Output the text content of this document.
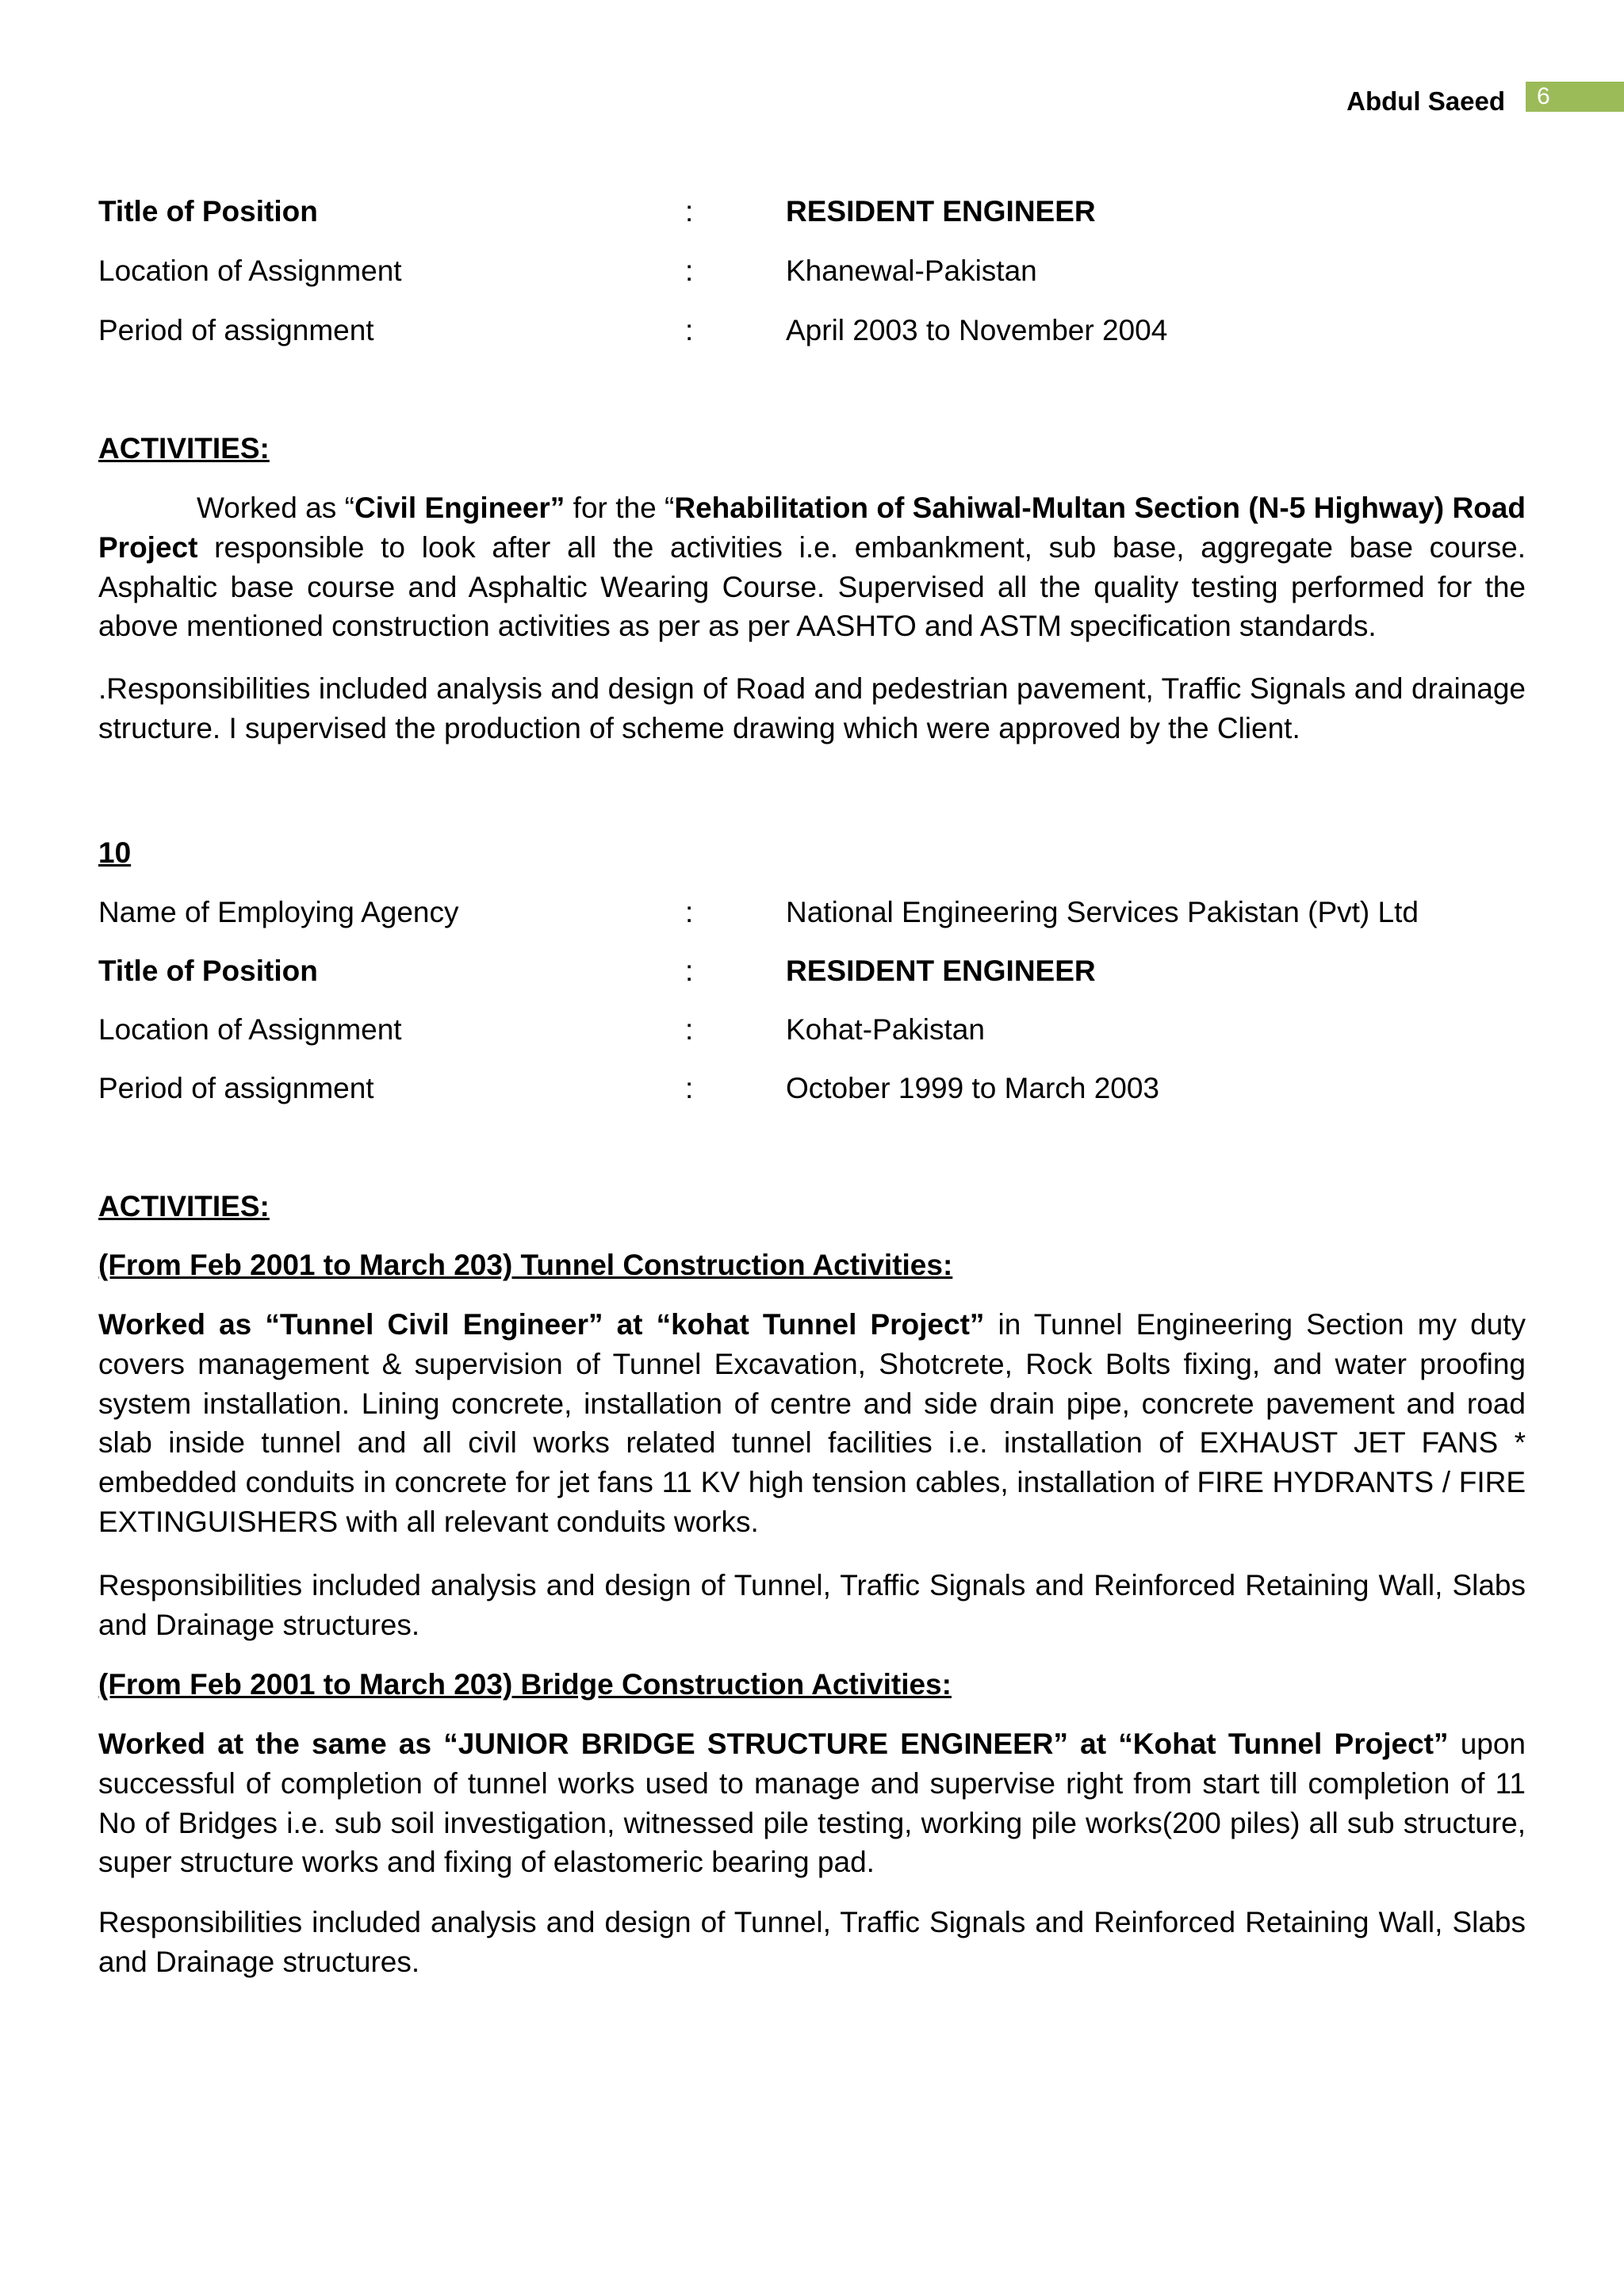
Abdul Saeed	6
Title of Position	:	RESIDENT ENGINEER
Location of Assignment	:	Khanewal-Pakistan
Period of assignment	:	April 2003 to November 2004
ACTIVITIES:

Worked as “Civil Engineer” for the “Rehabilitation of Sahiwal-Multan Section (N-5 Highway) Road Project responsible to look after all the activities i.e. embankment, sub base, aggregate base course. Asphaltic base course and Asphaltic Wearing Course. Supervised all the quality testing performed for the above mentioned construction activities as per as per AASHTO and ASTM specification standards.

.Responsibilities included analysis and design of Road and pedestrian pavement, Traffic Signals and drainage structure. I supervised the production of scheme drawing which were approved by the Client.

10
Name of Employing Agency	:	National Engineering Services Pakistan (Pvt) Ltd
Title of Position	:	RESIDENT ENGINEER
Location of Assignment	:	Kohat-Pakistan
Period of assignment	:	October 1999 to March 2003
ACTIVITIES:
(From Feb 2001 to March 203) Tunnel Construction Activities:

Worked as “Tunnel Civil Engineer” at “kohat Tunnel Project” in Tunnel Engineering Section my duty covers management & supervision of Tunnel Excavation, Shotcrete, Rock Bolts fixing, and water proofing system installation. Lining concrete, installation of centre and side drain pipe, concrete pavement and road slab inside tunnel and all civil works related tunnel facilities i.e. installation of EXHAUST JET FANS * embedded conduits in concrete for jet fans 11 KV high tension cables, installation of FIRE HYDRANTS / FIRE EXTINGUISHERS with all relevant conduits works.

Responsibilities included analysis and design of Tunnel, Traffic Signals and Reinforced Retaining Wall, Slabs and Drainage structures.

(From Feb 2001 to March 203) Bridge Construction Activities:

Worked at the same as “JUNIOR BRIDGE STRUCTURE ENGINEER” at “Kohat Tunnel Project” upon successful of completion of tunnel works used to manage and supervise right from start till completion of 11 No of Bridges i.e. sub soil investigation, witnessed pile testing, working pile works(200 piles) all sub structure, super structure works and fixing of elastomeric bearing pad.

Responsibilities included analysis and design of Tunnel, Traffic Signals and Reinforced Retaining Wall, Slabs and Drainage structures.
